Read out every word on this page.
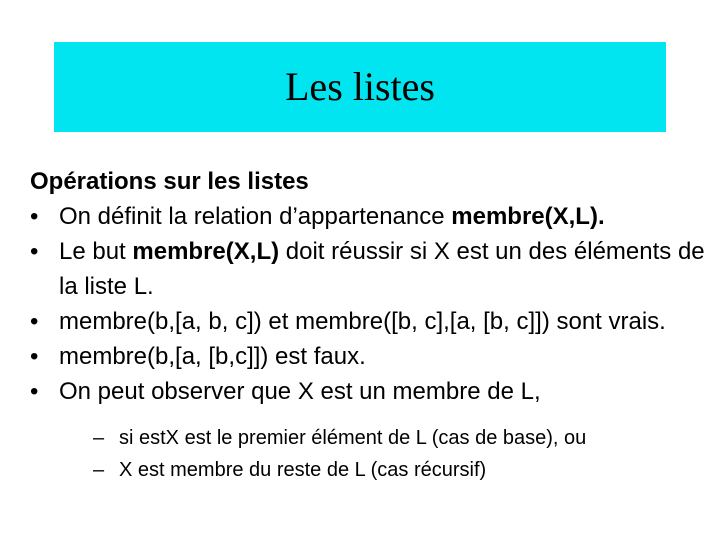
Les listes

Opérations sur les listes

• On définit la relation d’appartenance membre(X,L).
• Le but membre(X,L) doit réussir si X est un des éléments de la liste L.
• membre(b,[a, b, c]) et membre([b, c],[a, [b, c]]) sont vrais.
• membre(b,[a, [b,c]]) est faux.
• On peut observer que X est un membre de L,
– si estX est le premier élément de L (cas de base), ou
– X est membre du reste de L (cas récursif)
